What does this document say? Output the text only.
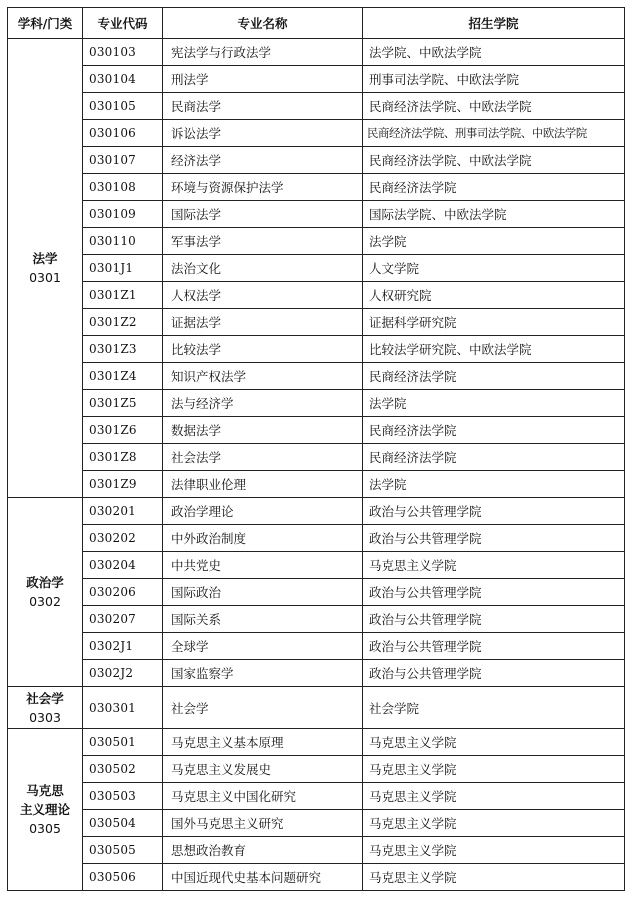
学科/门类	专业代码	专业名称	招生学院

法学
0301	030103	宪法学与行政法学	法学院、中欧法学院
	030104	刑法学	刑事司法学院、中欧法学院
	030105	民商法学	民商经济法学院、中欧法学院
	030106	诉讼法学	民商经济法学院、刑事司法学院、中欧法学院
	030107	经济法学	民商经济法学院、中欧法学院
	030108	环境与资源保护法学	民商经济法学院
	030109	国际法学	国际法学院、中欧法学院
	030110	军事法学	法学院
	0301J1	法治文化	人文学院
	0301Z1	人权法学	人权研究院
	0301Z2	证据法学	证据科学研究院
	0301Z3	比较法学	比较法学研究院、中欧法学院
	0301Z4	知识产权法学	民商经济法学院
	0301Z5	法与经济学	法学院
	0301Z6	数据法学	民商经济法学院
	0301Z8	社会法学	民商经济法学院
	0301Z9	法律职业伦理	法学院

政治学
0302	030201	政治学理论	政治与公共管理学院
	030202	中外政治制度	政治与公共管理学院
	030204	中共党史	马克思主义学院
	030206	国际政治	政治与公共管理学院
	030207	国际关系	政治与公共管理学院
	0302J1	全球学	政治与公共管理学院
	0302J2	国家监察学	政治与公共管理学院

社会学
0303	030301	社会学	社会学院

马克思
主义理论
0305	030501	马克思主义基本原理	马克思主义学院
	030502	马克思主义发展史	马克思主义学院
	030503	马克思主义中国化研究	马克思主义学院
	030504	国外马克思主义研究	马克思主义学院
	030505	思想政治教育	马克思主义学院
	030506	中国近现代史基本问题研究	马克思主义学院
